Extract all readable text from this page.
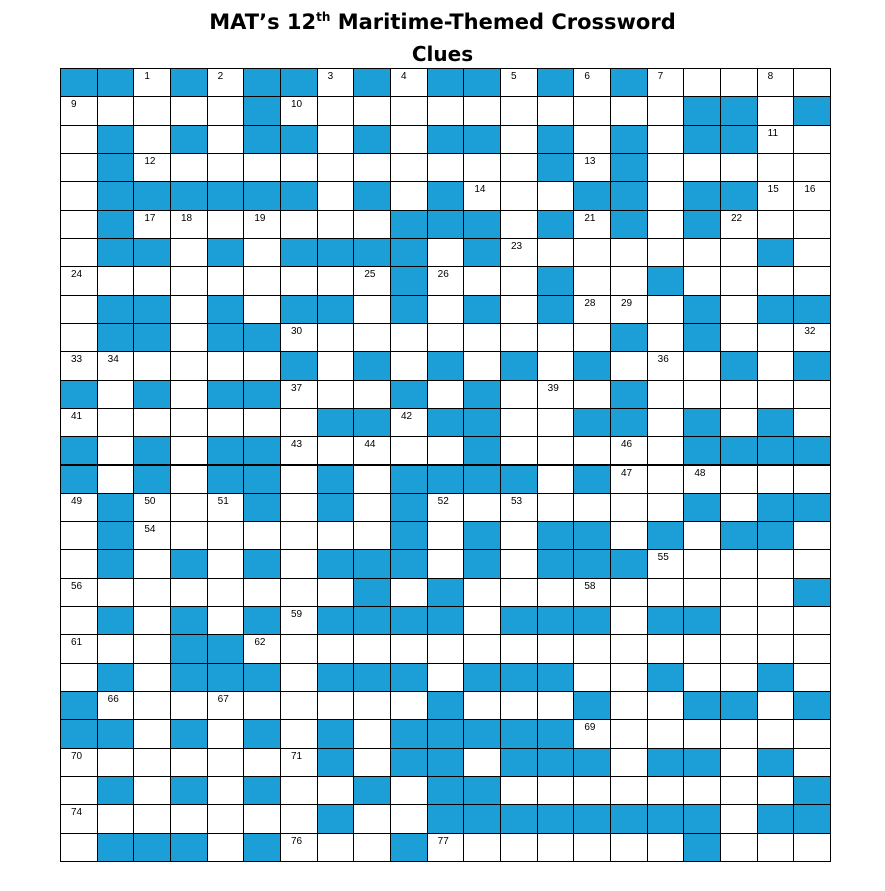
MAT’s 12th Maritime-Themed Crossword
Clues
1	2	3	4	5	6	7	8
9	10
11
12	13
14	15	16
17	18	19	21	22
23
24	25	26
28	29
30	32
33	34	36
37	39
41	42
43	44	46
47	48
49	50	51	52	53
54
55
56	58
59
61	62
66	67
69
70	71
74
76	77
